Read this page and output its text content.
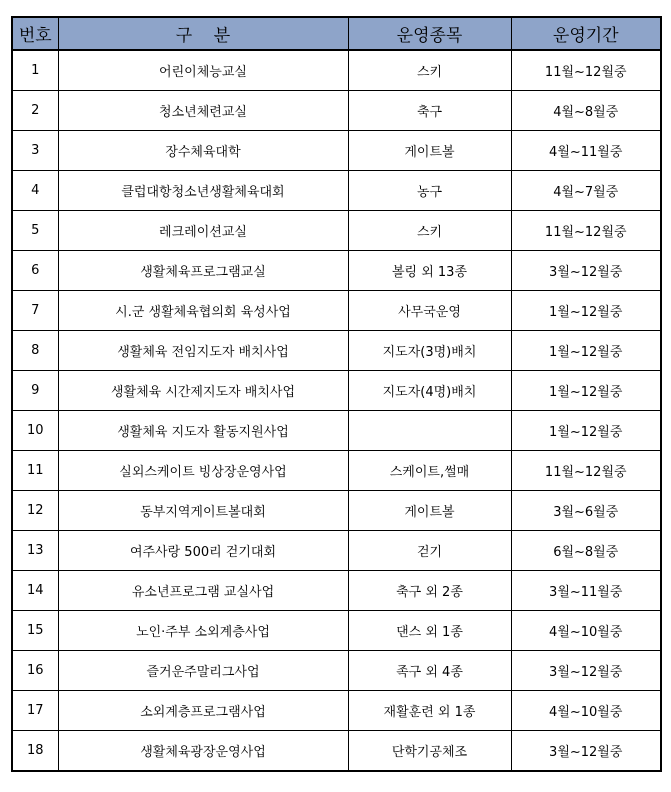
번호	구    분	운영종목	운영기간
1	어린이체능교실	스키	11월~12월중
2	청소년체련교실	축구	4월~8월중
3	장수체육대학	게이트볼	4월~11월중
4	클럽대항청소년생활체육대회	농구	4월~7월중
5	레크레이션교실	스키	11월~12월중
6	생활체육프로그램교실	볼링 외 13종	3월~12월중
7	시.군 생활체육협의회 육성사업	사무국운영	1월~12월중
8	생활체육 전임지도자 배치사업	지도자(3명)배치	1월~12월중
9	생활체육 시간제지도자 배치사업	지도자(4명)배치	1월~12월중
10	생활체육 지도자 활동지원사업		1월~12월중
11	실외스케이트 빙상장운영사업	스케이트,썰매	11월~12월중
12	동부지역게이트볼대회	게이트볼	3월~6월중
13	여주사랑 500리 걷기대회	걷기	6월~8월중
14	유소년프로그램 교실사업	축구 외 2종	3월~11월중
15	노인·주부 소외계층사업	댄스 외 1종	4월~10월중
16	즐거운주말리그사업	족구 외 4종	3월~12월중
17	소외계층프로그램사업	재활훈련 외 1종	4월~10월중
18	생활체육광장운영사업	단학기공체조	3월~12월중
